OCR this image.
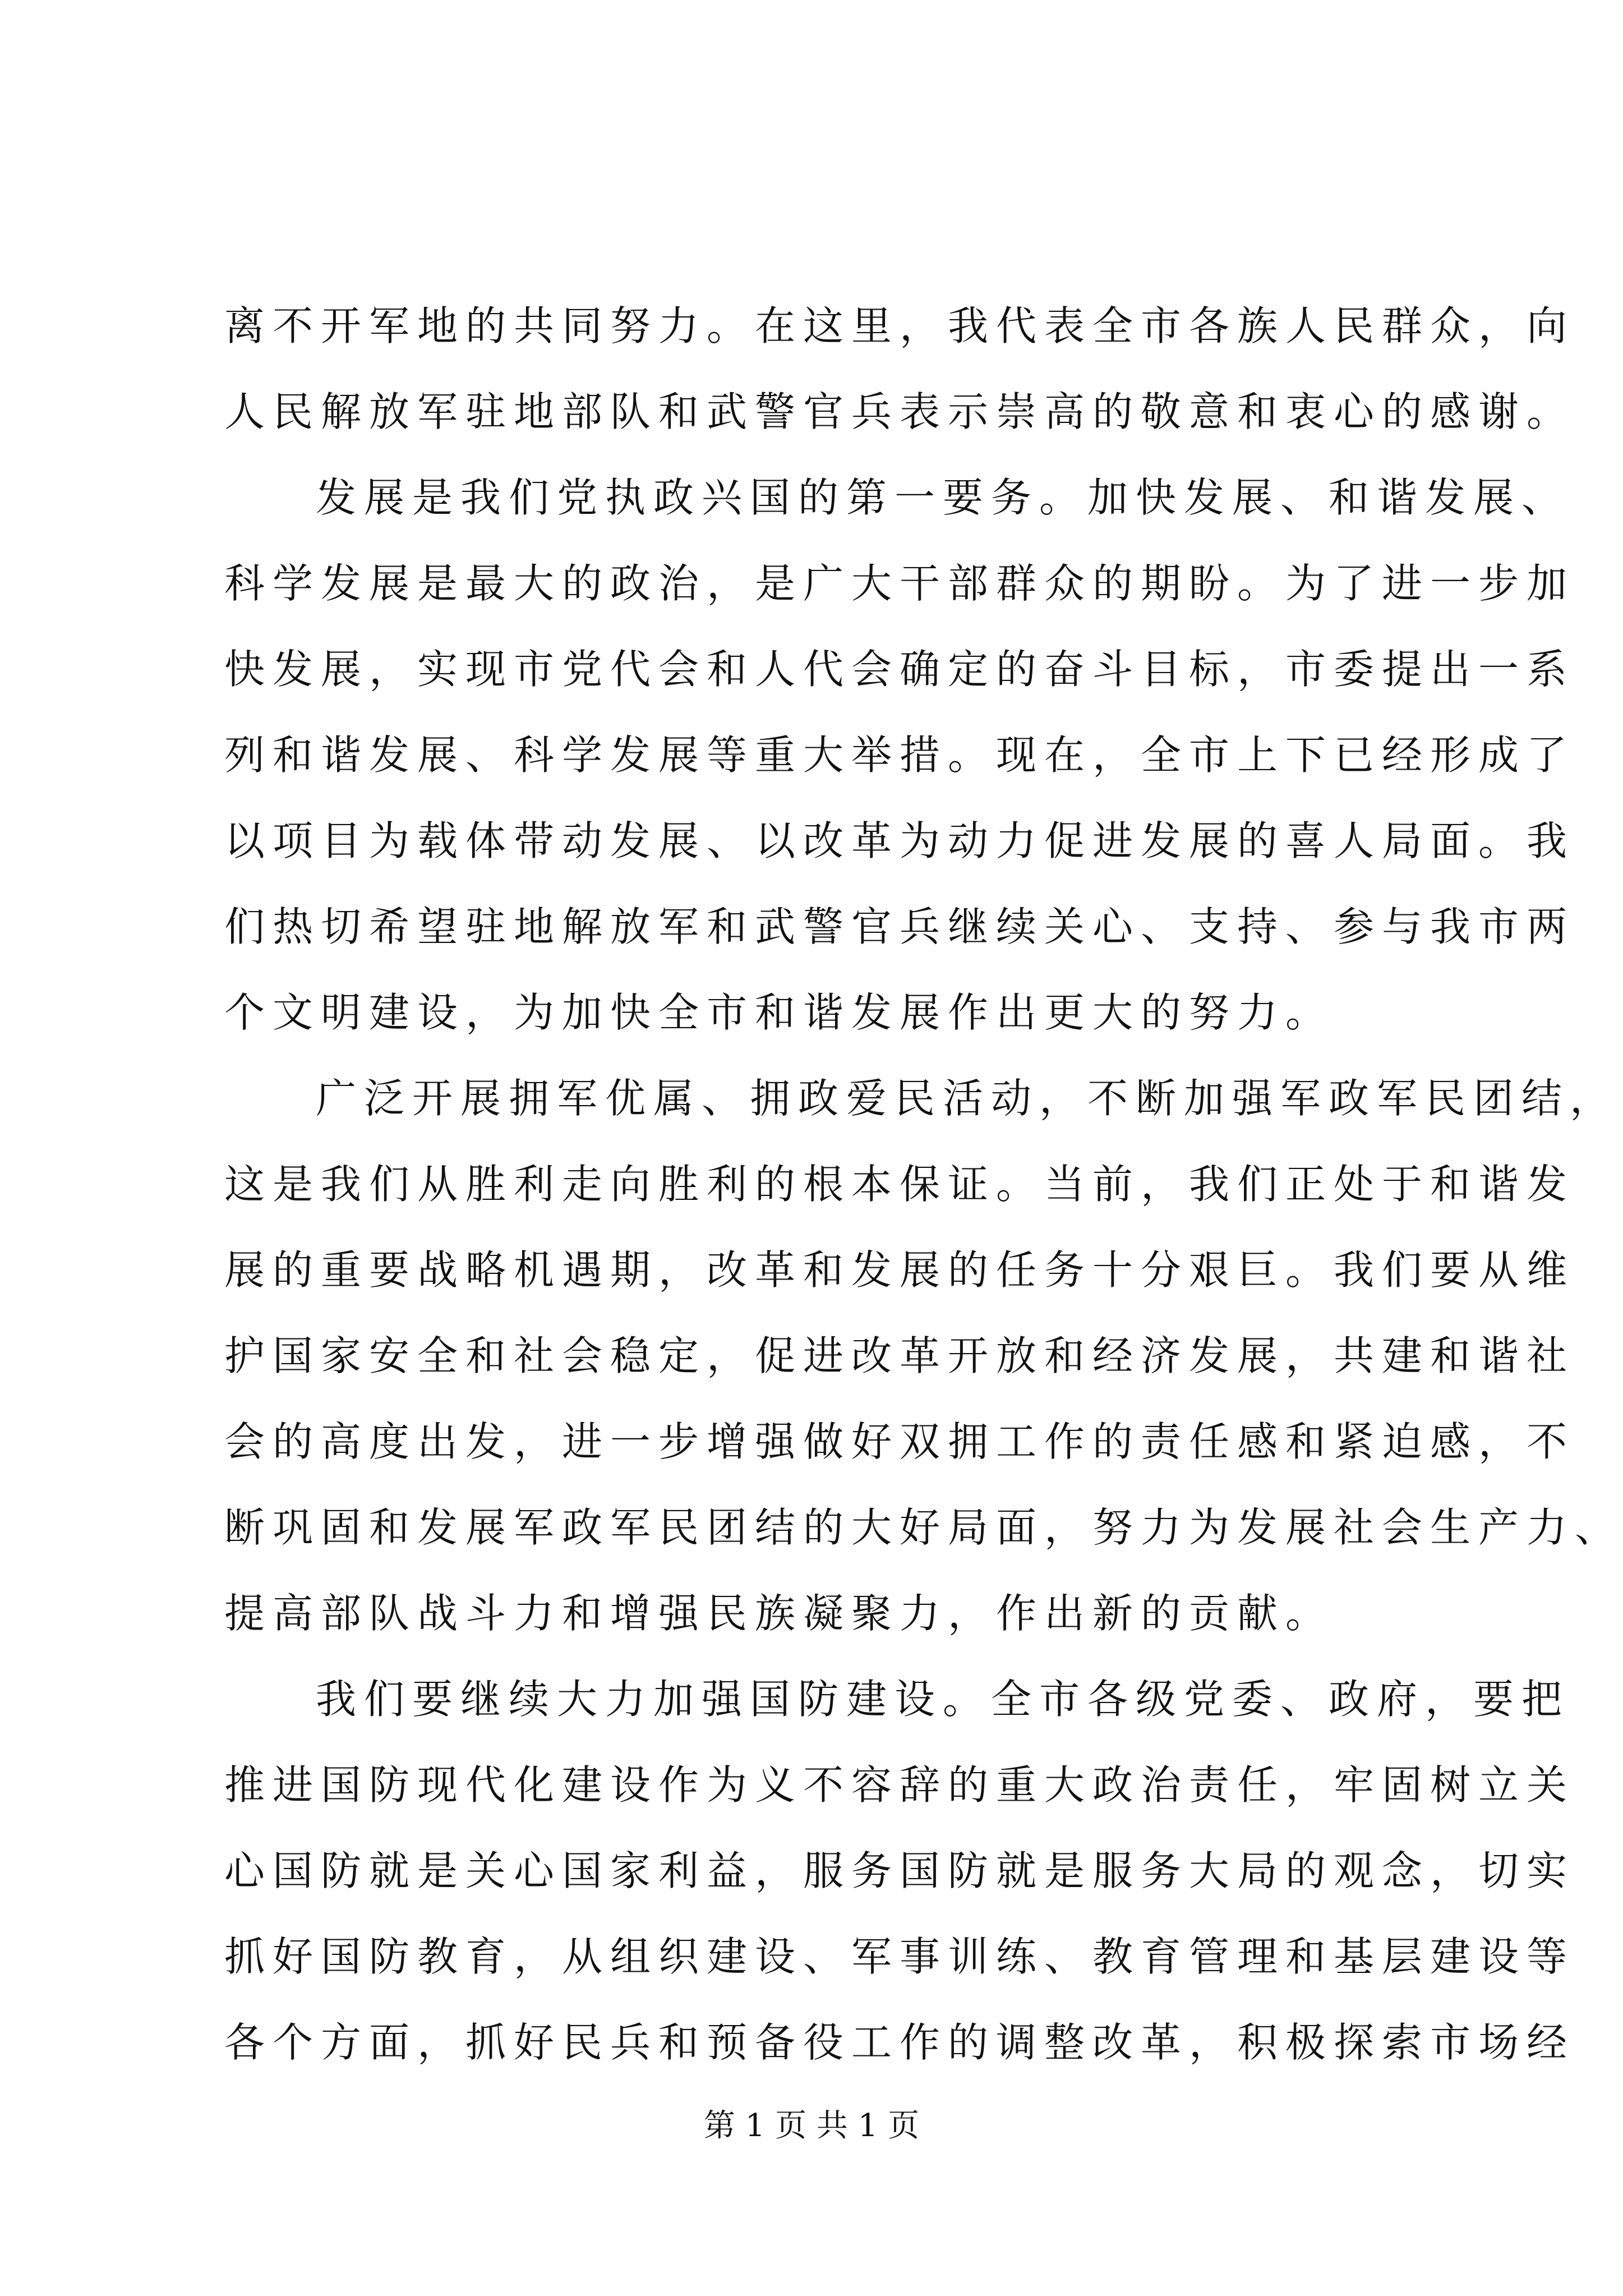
离不开军地的共同努力。在这里，我代表全市各族人民群众，向
人民解放军驻地部队和武警官兵表示崇高的敬意和衷心的感谢。
发展是我们党执政兴国的第一要务。加快发展、和谐发展、
科学发展是最大的政治，是广大干部群众的期盼。为了进一步加
快发展，实现市党代会和人代会确定的奋斗目标，市委提出一系
列和谐发展、科学发展等重大举措。现在，全市上下已经形成了
以项目为载体带动发展、以改革为动力促进发展的喜人局面。我
们热切希望驻地解放军和武警官兵继续关心、支持、参与我市两
个文明建设，为加快全市和谐发展作出更大的努力。
广泛开展拥军优属、拥政爱民活动，不断加强军政军民团结，
这是我们从胜利走向胜利的根本保证。当前，我们正处于和谐发
展的重要战略机遇期，改革和发展的任务十分艰巨。我们要从维
护国家安全和社会稳定，促进改革开放和经济发展，共建和谐社
会的高度出发，进一步增强做好双拥工作的责任感和紧迫感，不
断巩固和发展军政军民团结的大好局面，努力为发展社会生产力、
提高部队战斗力和增强民族凝聚力，作出新的贡献。
我们要继续大力加强国防建设。全市各级党委、政府，要把
推进国防现代化建设作为义不容辞的重大政治责任，牢固树立关
心国防就是关心国家利益，服务国防就是服务大局的观念，切实
抓好国防教育，从组织建设、军事训练、教育管理和基层建设等
各个方面，抓好民兵和预备役工作的调整改革，积极探索市场经
第 1 页 共 1 页
